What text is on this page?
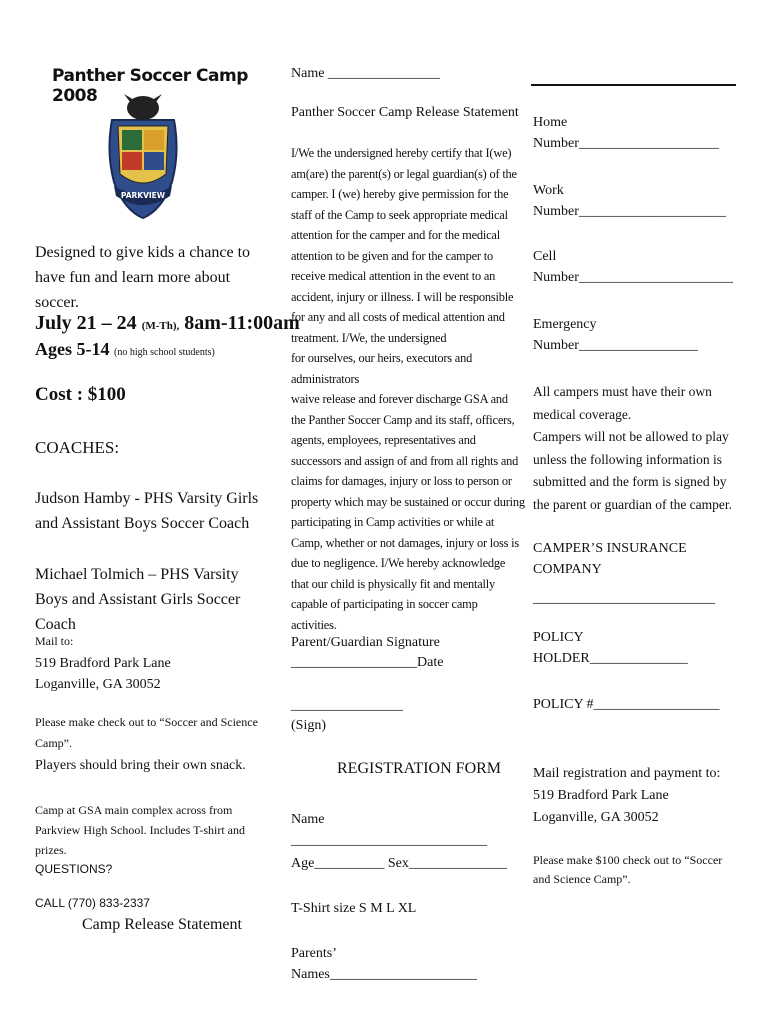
Panther Soccer Camp 2008
PARKVIEW
Designed to give kids a chance to have fun and learn more about soccer.
July 21 – 24 (M-Th), 8am-11:00am
Ages 5-14 (no high school students)
Cost : $100
COACHES:
Judson Hamby - PHS Varsity Girls and Assistant Boys Soccer Coach
Michael Tolmich – PHS Varsity Boys and Assistant Girls Soccer Coach
Mail to:
519 Bradford Park Lane
Loganville, GA 30052
Please make check out to “Soccer and Science Camp”.
Players should bring their own snack.
Camp at GSA main complex across from Parkview High School. Includes T-shirt and prizes.
QUESTIONS?
CALL (770) 833-2337
Camp Release Statement
Name ________________
Panther Soccer Camp Release Statement
I/We the undersigned hereby certify that I(we) am(are) the parent(s) or legal guardian(s) of the camper. I (we) hereby give permission for the staff of the Camp to seek appropriate medical attention for the camper and for the medical attention to be given and for the camper to receive medical attention in the event to an accident, injury or illness. I will be responsible for any and all costs of medical attention and treatment. I/We, the undersigned
for ourselves, our heirs, executors and administrators
waive release and forever discharge GSA and the Panther Soccer Camp and its staff, officers, agents, employees, representatives and successors and assign of and from all rights and claims for damages, injury or loss to person or property which may be sustained or occur during participating in Camp activities or while at Camp, whether or not damages, injury or loss is due to negligence. I/We hereby acknowledge that our child is physically fit and mentally capable of participating in soccer camp activities.
Parent/Guardian Signature
__________________Date
________________
(Sign)
REGISTRATION FORM
Name ____________________________
Age__________ Sex______________
T-Shirt size S M L XL
Parents’ Names_____________________
Home Number____________________
Work Number_____________________
Cell Number______________________
Emergency Number_________________
All campers must have their own medical coverage.
Campers will not be allowed to play unless the following information is submitted and the form is signed by the parent or guardian of the camper.
CAMPER’S INSURANCE COMPANY
__________________________
POLICY HOLDER______________
POLICY #__________________
Mail registration and payment to:
519 Bradford Park Lane
Loganville, GA 30052
Please make $100 check out to “Soccer and Science Camp”.
